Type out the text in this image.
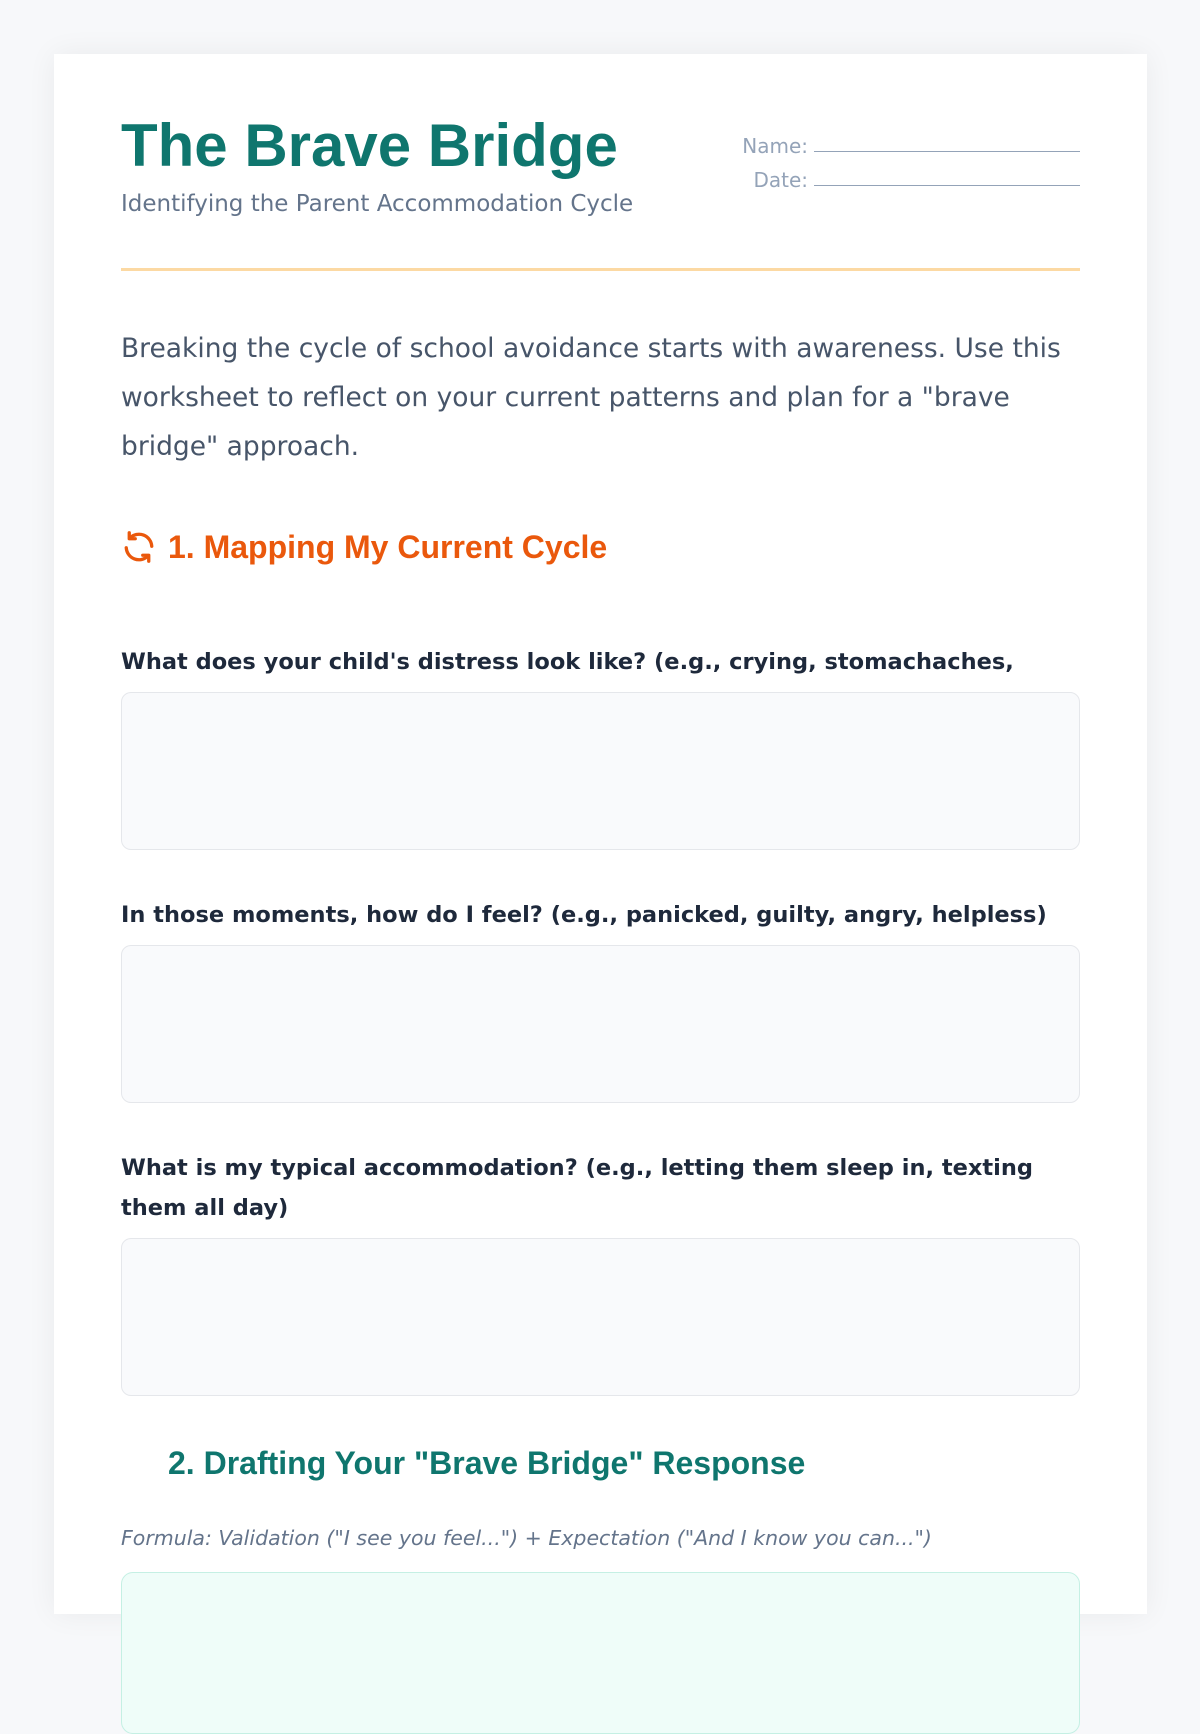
The Brave Bridge
Identifying the Parent Accommodation Cycle
Name:
Date:

Breaking the cycle of school avoidance starts with awareness. Use this worksheet to reflect on your current patterns and plan for a "brave bridge" approach.

1. Mapping My Current Cycle

What does your child's distress look like? (e.g., crying, stomachaches,

In those moments, how do I feel? (e.g., panicked, guilty, angry, helpless)

What is my typical accommodation? (e.g., letting them sleep in, texting them all day)

2. Drafting Your "Brave Bridge" Response
Formula: Validation ("I see you feel...") + Expectation ("And I know you can...")
